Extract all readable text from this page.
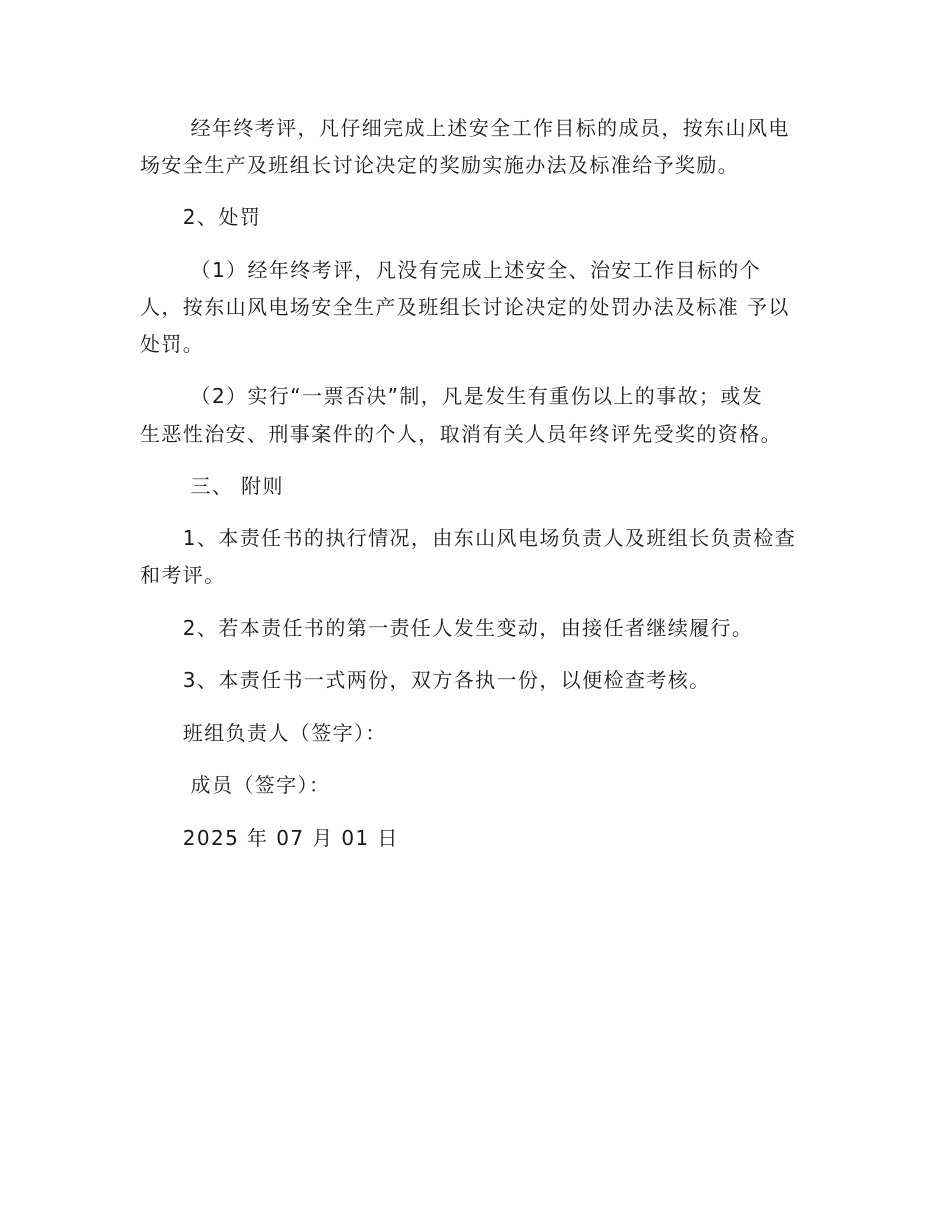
　　 经年终考评，凡仔细完成上述安全工作目标的成员，按东山风电
场安全生产及班组长讨论决定的奖励实施办法及标准给予奖励。
　　2、处罚
　　 （1）经年终考评，凡没有完成上述安全、治安工作目标的个
人，按东山风电场安全生产及班组长讨论决定的处罚办法及标准 予以
处罚。
　　 （2）实行“一票否决”制，凡是发生有重伤以上的事故；或发
生恶性治安、刑事案件的个人，取消有关人员年终评先受奖的资格。
　　 三、 附则
　　1、本责任书的执行情况，由东山风电场负责人及班组长负责检查
和考评。
　　2、若本责任书的第一责任人发生变动，由接任者继续履行。
　　3、本责任书一式两份，双方各执一份，以便检查考核。
　　班组负责人（签字）：
　　 成员（签字）：
　　2025 年 07 月 01 日
